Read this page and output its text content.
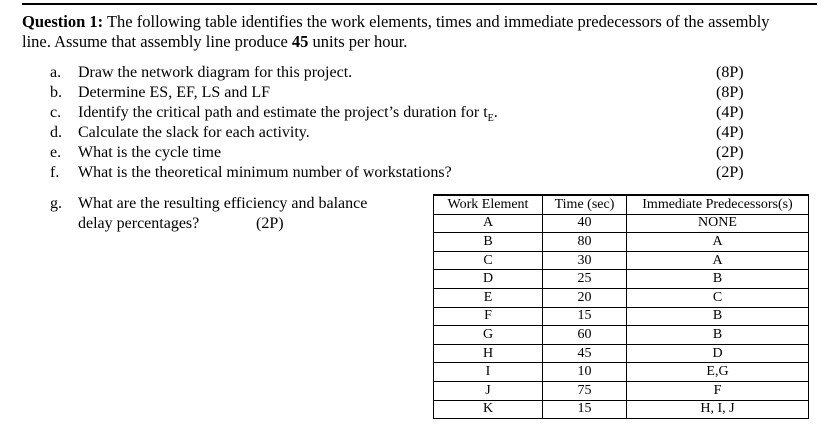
Question 1: The following table identifies the work elements, times and immediate predecessors of the assembly
line. Assume that assembly line produce 45 units per hour.
a. Draw the network diagram for this project.	(8P)
b. Determine ES, EF, LS and LF	(8P)
c. Identify the critical path and estimate the project’s duration for $t_E$.	(4P)
d. Calculate the slack for each activity.	(4P)
e. What is the cycle time	(2P)
f. What is the theoretical minimum number of workstations?	(2P)
g. What are the resulting efficiency and balance
delay percentages?	(2P)
Work Element	Time (sec)	Immediate Predecessors(s)
A	40	NONE
B	80	A
C	30	A
D	25	B
E	20	C
F	15	B
G	60	B
H	45	D
I	10	E,G
J	75	F
K	15	H, I, J
